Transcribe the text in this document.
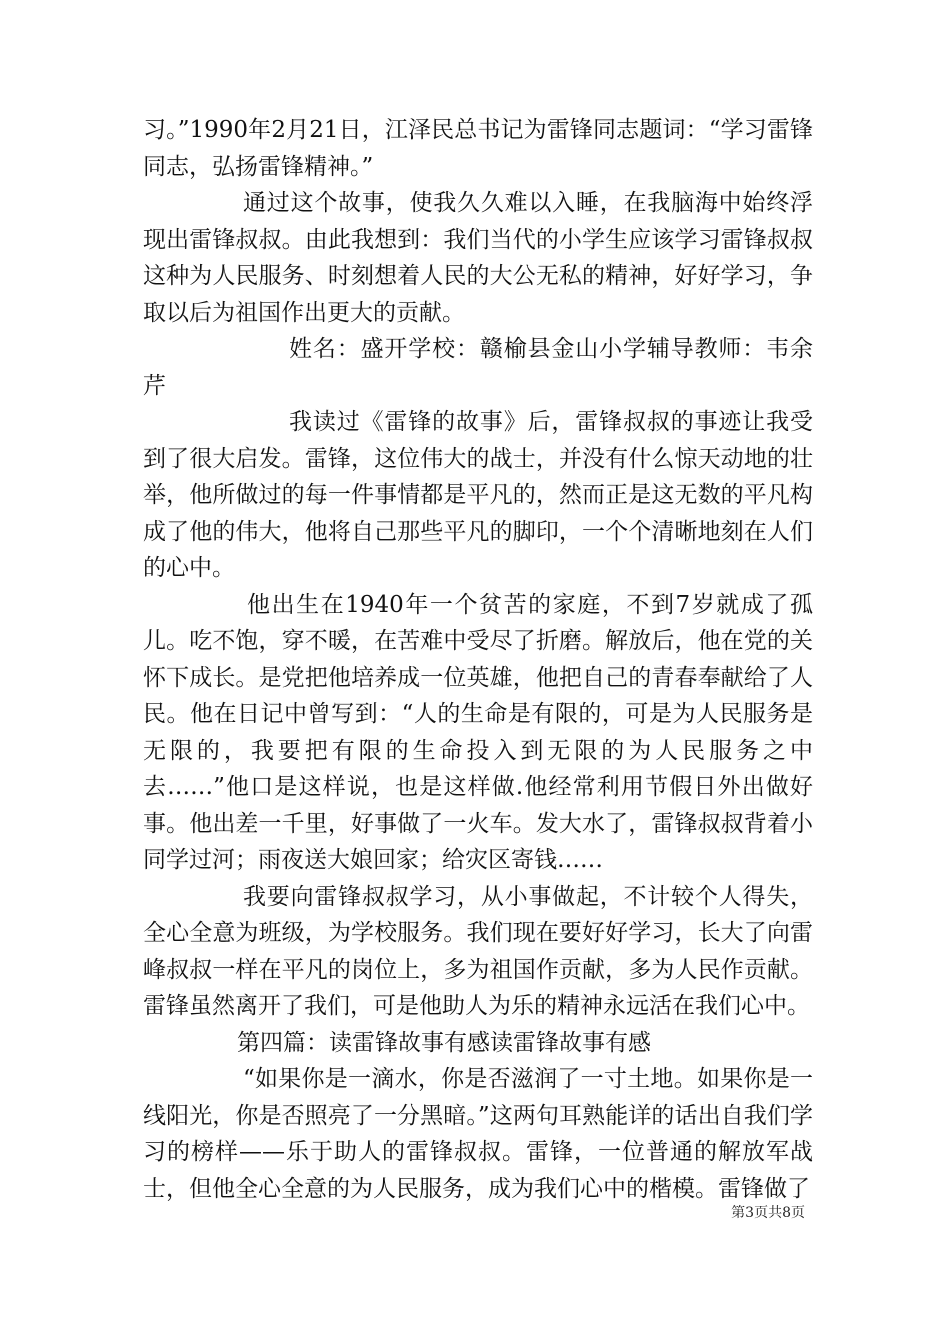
习。”1990年2月21日，江泽民总书记为雷锋同志题词：“学习雷锋同志，弘扬雷锋精神。”

通过这个故事，使我久久难以入睡，在我脑海中始终浮现出雷锋叔叔。由此我想到：我们当代的小学生应该学习雷锋叔叔这种为人民服务、时刻想着人民的大公无私的精神，好好学习，争取以后为祖国作出更大的贡献。

姓名：盛开学校：赣榆县金山小学辅导教师：韦余芹

我读过《雷锋的故事》后，雷锋叔叔的事迹让我受到了很大启发。雷锋，这位伟大的战士，并没有什么惊天动地的壮举，他所做过的每一件事情都是平凡的，然而正是这无数的平凡构成了他的伟大，他将自己那些平凡的脚印，一个个清晰地刻在人们的心中。

他出生在1940年一个贫苦的家庭，不到7岁就成了孤儿。吃不饱，穿不暖，在苦难中受尽了折磨。解放后，他在党的关怀下成长。是党把他培养成一位英雄，他把自己的青春奉献给了人民。他在日记中曾写到：“人的生命是有限的，可是为人民服务是无限的，我要把有限的生命投入到无限的为人民服务之中去……”他口是这样说，也是这样做.他经常利用节假日外出做好事。他出差一千里，好事做了一火车。发大水了，雷锋叔叔背着小同学过河；雨夜送大娘回家；给灾区寄钱……

我要向雷锋叔叔学习，从小事做起，不计较个人得失，全心全意为班级，为学校服务。我们现在要好好学习，长大了向雷峰叔叔一样在平凡的岗位上，多为祖国作贡献，多为人民作贡献。雷锋虽然离开了我们，可是他助人为乐的精神永远活在我们心中。

第四篇：读雷锋故事有感读雷锋故事有感

“如果你是一滴水，你是否滋润了一寸土地。如果你是一线阳光，你是否照亮了一分黑暗。”这两句耳熟能详的话出自我们学习的榜样——乐于助人的雷锋叔叔。雷锋，一位普通的解放军战士，但他全心全意的为人民服务，成为我们心中的楷模。雷锋做了

第3页共8页
